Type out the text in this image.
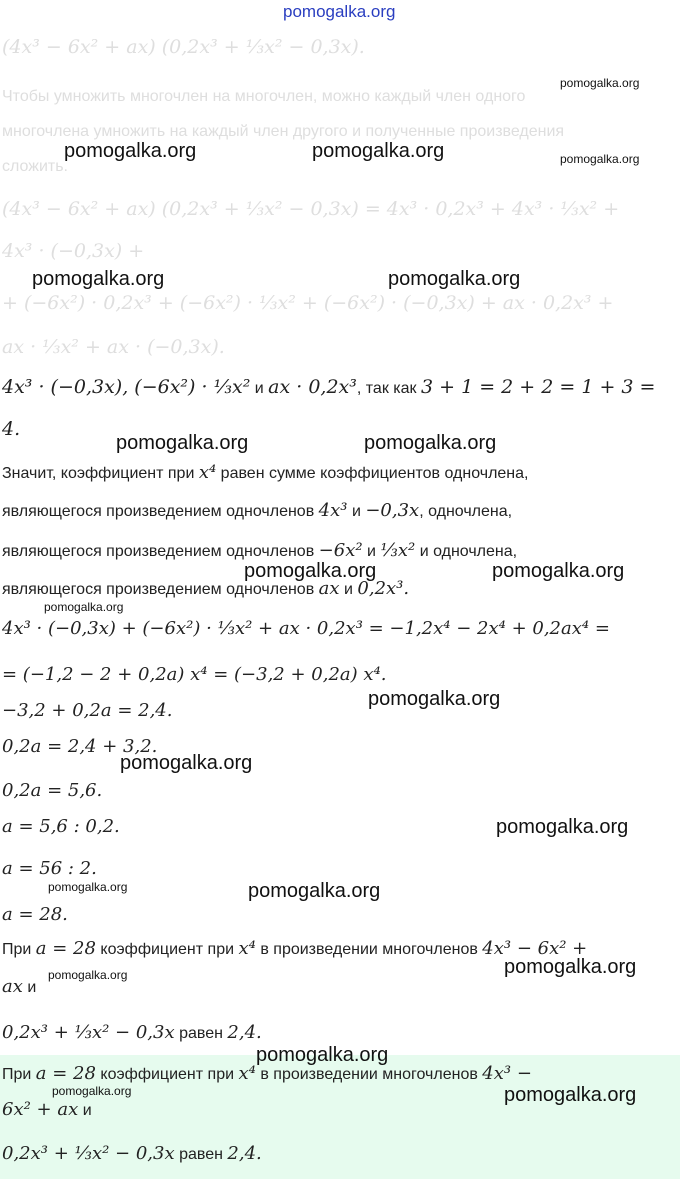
(4x³ − 6x² + ax) (0,2x³ + ⅓x² − 0,3x).
Чтобы умножить многочлен на многочлен, можно каждый член одного
многочлена умножить на каждый член другого и полученные произведения
сложить.
(4x³ − 6x² + ax) (0,2x³ + ⅓x² − 0,3x) = 4x³ · 0,2x³ + 4x³ · ⅓x² +
4x³ · (−0,3x) +
+ (−6x²) · 0,2x³ + (−6x²) · ⅓x² + (−6x²) · (−0,3x) + ax · 0,2x³ +
ax · ⅓x² + ax · (−0,3x).
4x³ · (−0,3x), (−6x²) · ⅓x² и ax · 0,2x³, так как 3 + 1 = 2 + 2 = 1 + 3 =
4.
Значит, коэффициент при x⁴ равен сумме коэффициентов одночлена,
являющегося произведением одночленов 4x³ и −0,3x, одночлена,
являющегося произведением одночленов −6x² и ⅓x² и одночлена,
являющегося произведением одночленов ax и 0,2x³.
4x³ · (−0,3x) + (−6x²) · ⅓x² + ax · 0,2x³ = −1,2x⁴ − 2x⁴ + 0,2ax⁴ =
= (−1,2 − 2 + 0,2a) x⁴ = (−3,2 + 0,2a) x⁴.
−3,2 + 0,2a = 2,4.
0,2a = 2,4 + 3,2.
0,2a = 5,6.
a = 5,6 : 0,2.
a = 56 : 2.
a = 28.
При a = 28 коэффициент при x⁴ в произведении многочленов 4x³ − 6x² +
ax и
0,2x³ + ⅓x² − 0,3x равен 2,4.
При a = 28 коэффициент при x⁴ в произведении многочленов 4x³ −
6x² + ax и
0,2x³ + ⅓x² − 0,3x равен 2,4.
pomogalka.org
pomogalka.org
pomogalka.org	pomogalka.org	pomogalka.org
pomogalka.org	pomogalka.org
pomogalka.org	pomogalka.org
pomogalka.org	pomogalka.org
pomogalka.org
pomogalka.org
pomogalka.org
pomogalka.org
pomogalka.org	pomogalka.org
pomogalka.org
pomogalka.org
pomogalka.org
pomogalka.org	pomogalka.org
